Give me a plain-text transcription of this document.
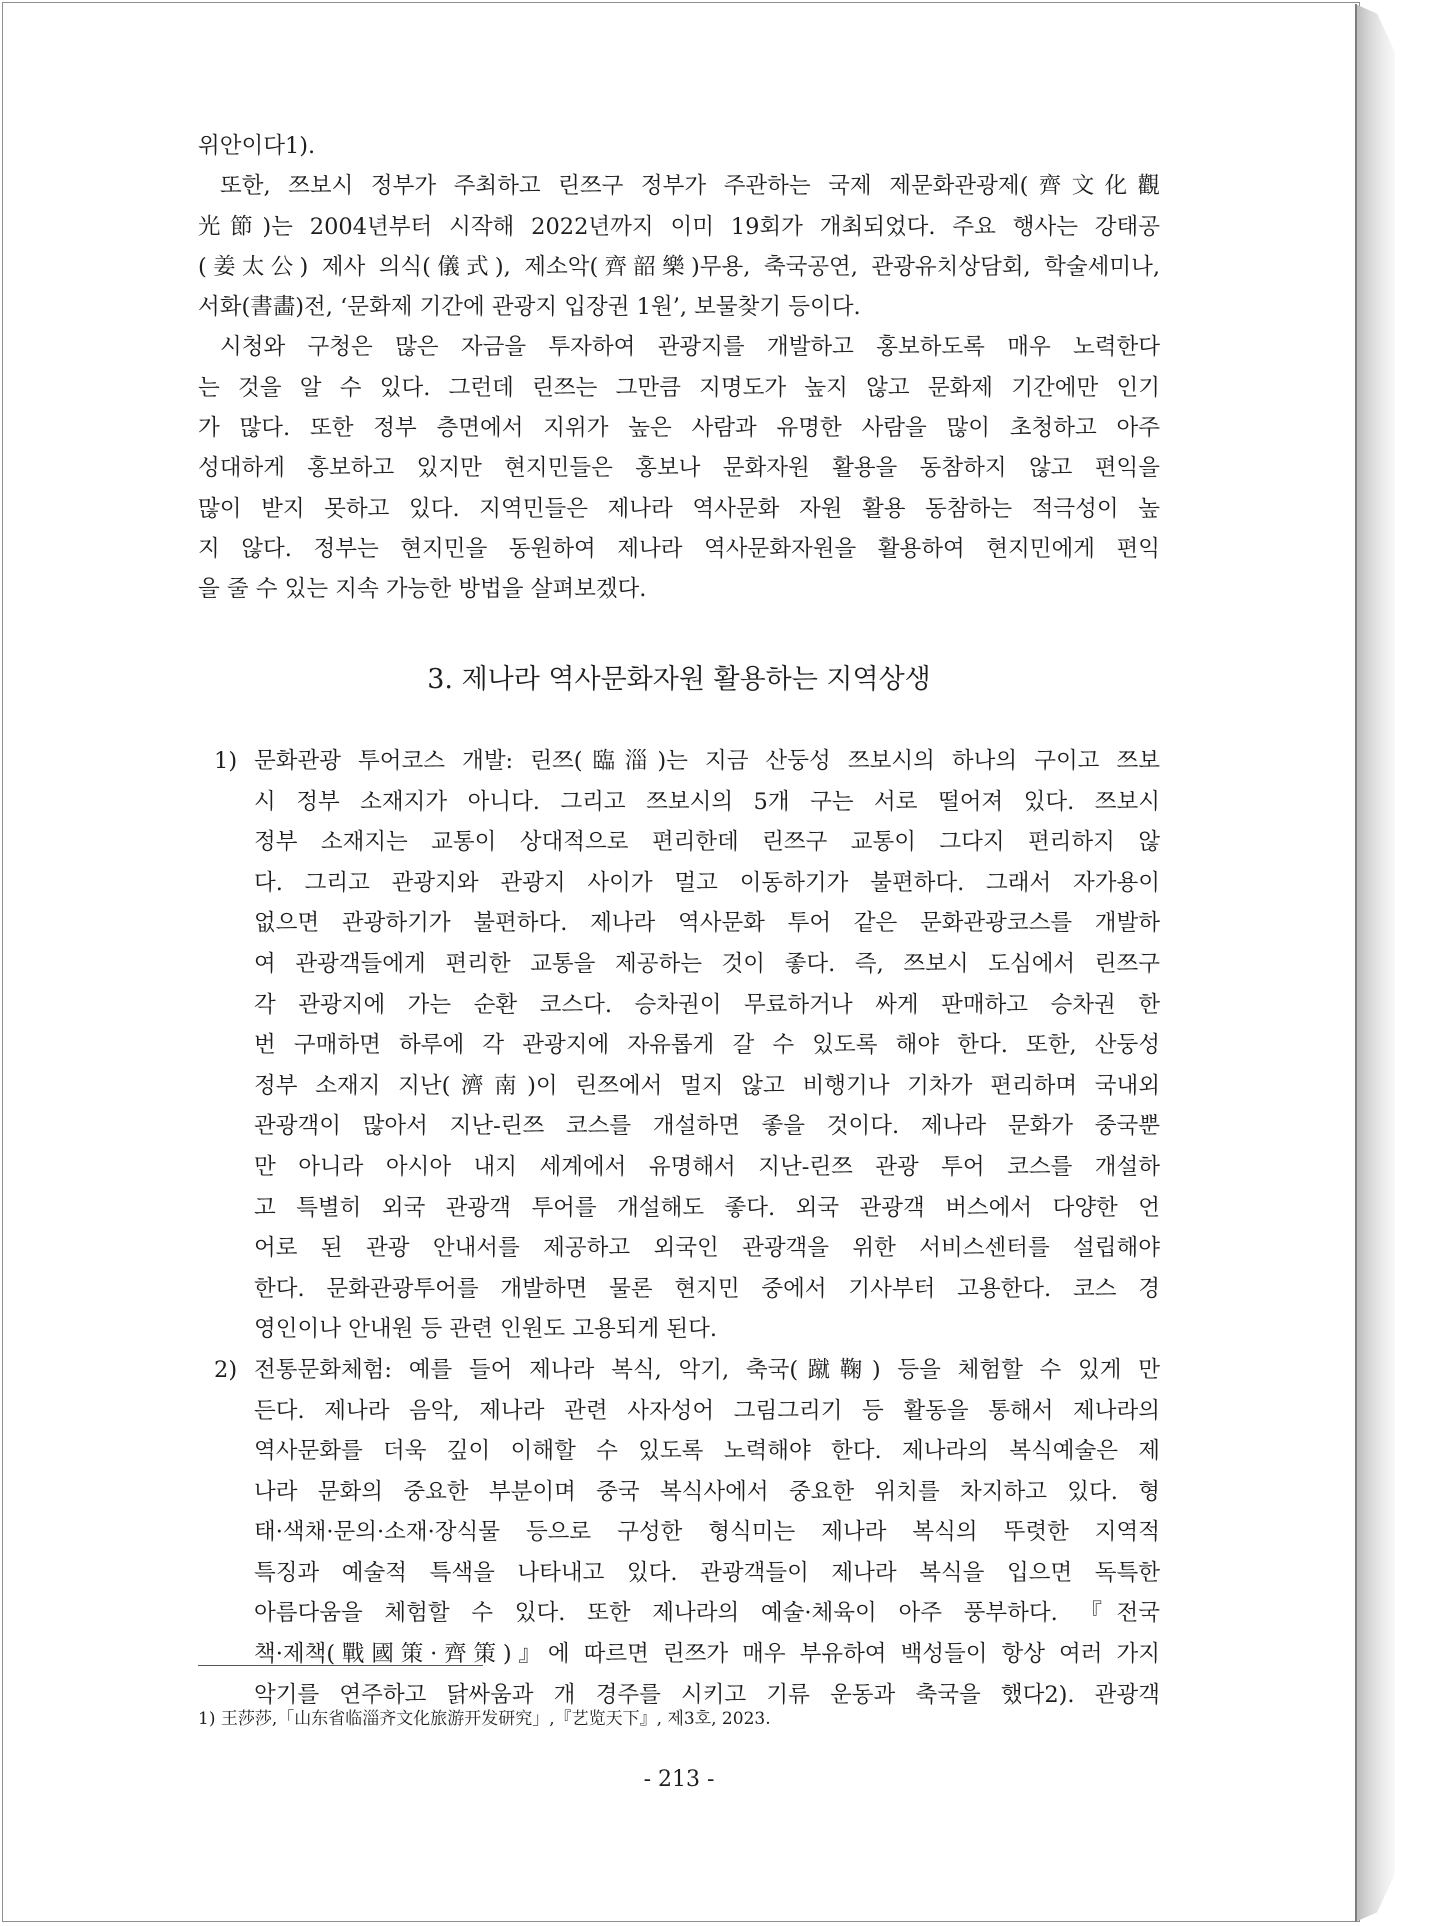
위안이다1).
또한, 쯔보시 정부가 주최하고 린쯔구 정부가 주관하는 국제 제문화관광제(齊文化觀
光節)는 2004년부터 시작해 2022년까지 이미 19회가 개최되었다. 주요 행사는 강태공
(姜太公) 제사 의식(儀式), 제소악(齊韶樂)무용, 축국공연, 관광유치상담회, 학술세미나,
서화(書畵)전, ‘문화제 기간에 관광지 입장권 1원’, 보물찾기 등이다.
시청와 구청은 많은 자금을 투자하여 관광지를 개발하고 홍보하도록 매우 노력한다
는 것을 알 수 있다. 그런데 린쯔는 그만큼 지명도가 높지 않고 문화제 기간에만 인기
가 많다. 또한 정부 층면에서 지위가 높은 사람과 유명한 사람을 많이 초청하고 아주
성대하게 홍보하고 있지만 현지민들은 홍보나 문화자원 활용을 동참하지 않고 편익을
많이 받지 못하고 있다. 지역민들은 제나라 역사문화 자원 활용 동참하는 적극성이 높
지 않다. 정부는 현지민을 동원하여 제나라 역사문화자원을 활용하여 현지민에게 편익
을 줄 수 있는 지속 가능한 방법을 살펴보겠다.
3. 제나라 역사문화자원 활용하는 지역상생
1) 문화관광 투어코스 개발: 린쯔(臨淄)는 지금 산둥성 쯔보시의 하나의 구이고 쯔보
시 정부 소재지가 아니다. 그리고 쯔보시의 5개 구는 서로 떨어져 있다. 쯔보시
정부 소재지는 교통이 상대적으로 편리한데 린쯔구 교통이 그다지 편리하지 않
다. 그리고 관광지와 관광지 사이가 멀고 이동하기가 불편하다. 그래서 자가용이
없으면 관광하기가 불편하다. 제나라 역사문화 투어 같은 문화관광코스를 개발하
여 관광객들에게 편리한 교통을 제공하는 것이 좋다. 즉, 쯔보시 도심에서 린쯔구
각 관광지에 가는 순환 코스다. 승차권이 무료하거나 싸게 판매하고 승차권 한
번 구매하면 하루에 각 관광지에 자유롭게 갈 수 있도록 해야 한다. 또한, 산둥성
정부 소재지 지난(濟南)이 린쯔에서 멀지 않고 비행기나 기차가 편리하며 국내외
관광객이 많아서 지난-린쯔 코스를 개설하면 좋을 것이다. 제나라 문화가 중국뿐
만 아니라 아시아 내지 세계에서 유명해서 지난-린쯔 관광 투어 코스를 개설하
고 특별히 외국 관광객 투어를 개설해도 좋다. 외국 관광객 버스에서 다양한 언
어로 된 관광 안내서를 제공하고 외국인 관광객을 위한 서비스센터를 설립해야
한다. 문화관광투어를 개발하면 물론 현지민 중에서 기사부터 고용한다. 코스 경
영인이나 안내원 등 관련 인원도 고용되게 된다.
2) 전통문화체험: 예를 들어 제나라 복식, 악기, 축국(蹴鞠) 등을 체험할 수 있게 만
든다. 제나라 음악, 제나라 관련 사자성어 그림그리기 등 활동을 통해서 제나라의
역사문화를 더욱 깊이 이해할 수 있도록 노력해야 한다. 제나라의 복식예술은 제
나라 문화의 중요한 부분이며 중국 복식사에서 중요한 위치를 차지하고 있다. 형
태·색채·문의·소재·장식물 등으로 구성한 형식미는 제나라 복식의 뚜렷한 지역적
특징과 예술적 특색을 나타내고 있다. 관광객들이 제나라 복식을 입으면 독특한
아름다움을 체험할 수 있다. 또한 제나라의 예술·체육이 아주 풍부하다. 『전국
책·제책(戰國策·齊策)』에 따르면 린쯔가 매우 부유하여 백성들이 항상 여러 가지
악기를 연주하고 닭싸움과 개 경주를 시키고 기류 운동과 축국을 했다2). 관광객
1) 王莎莎,「山东省临淄齐文化旅游开发研究」,『艺览天下』, 제3호, 2023.
- 213 -
